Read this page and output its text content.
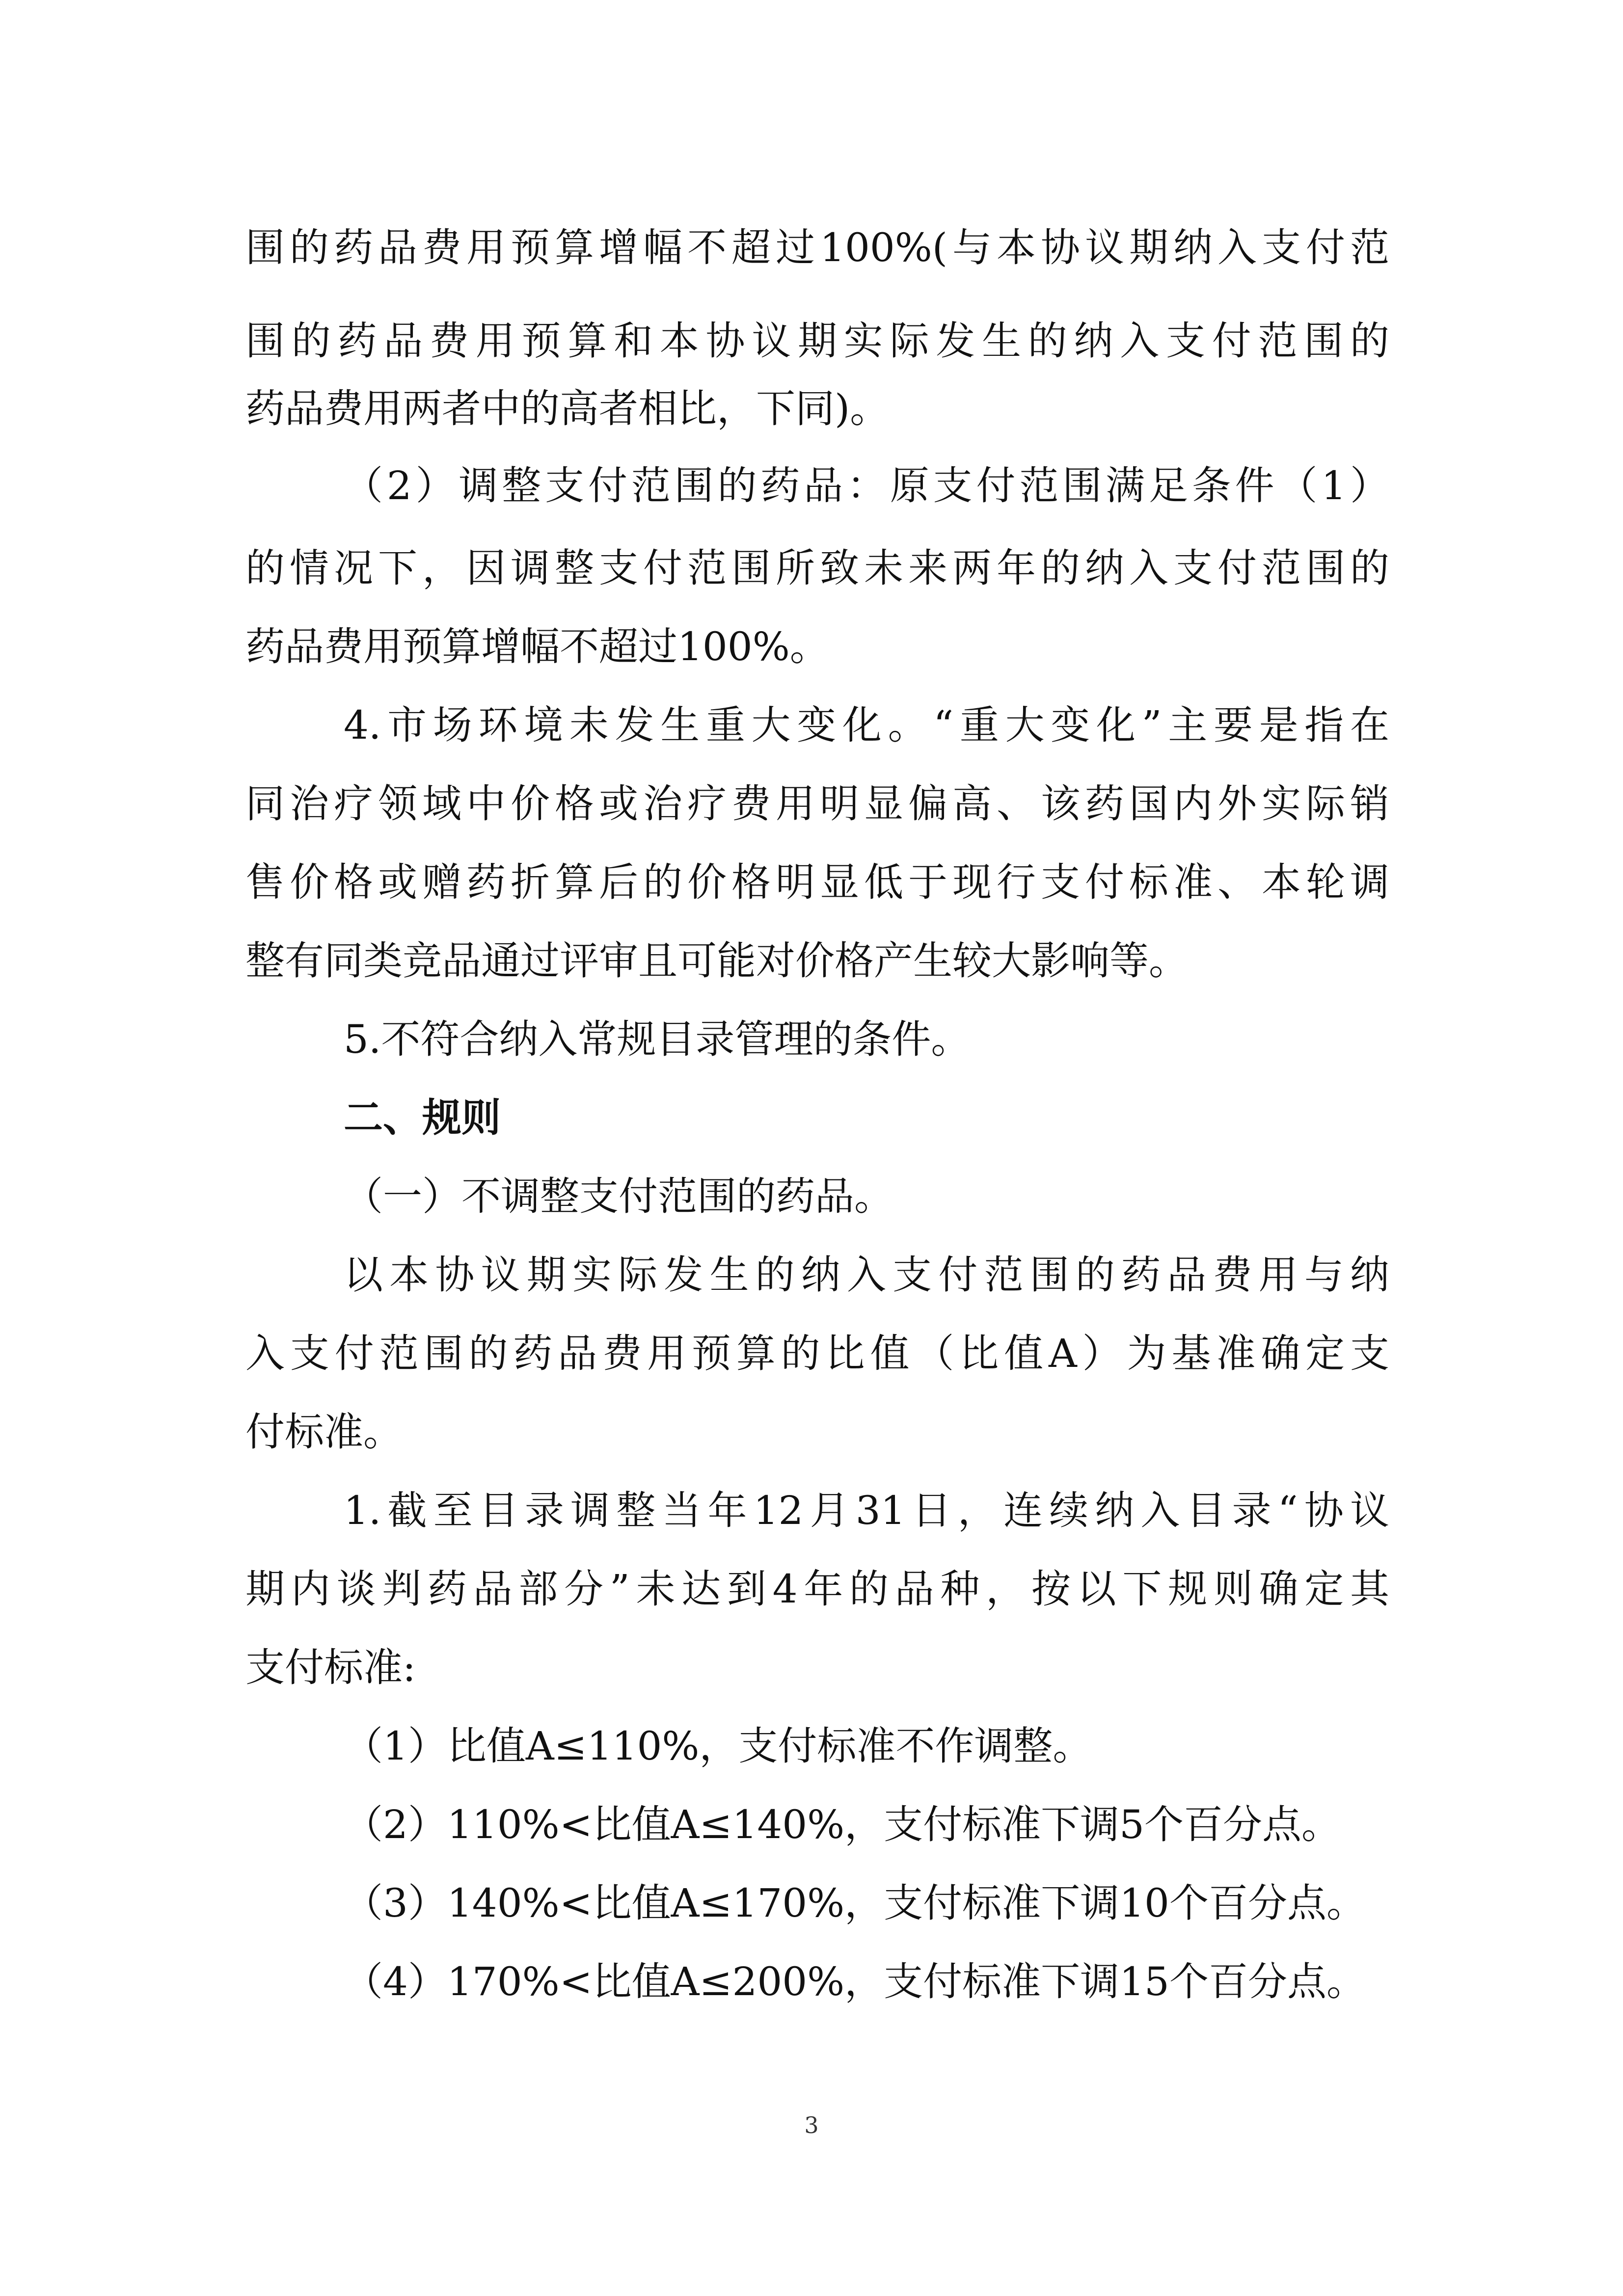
围的药品费用预算增幅不超过100%(与本协议期纳入支付范
围的药品费用预算和本协议期实际发生的纳入支付范围的
药品费用两者中的高者相比，下同)。
（2）调整支付范围的药品：原支付范围满足条件（1）
的情况下，因调整支付范围所致未来两年的纳入支付范围的
药品费用预算增幅不超过100%。
4.市场环境未发生重大变化。“重大变化”主要是指在
同治疗领域中价格或治疗费用明显偏高、该药国内外实际销
售价格或赠药折算后的价格明显低于现行支付标准、本轮调
整有同类竞品通过评审且可能对价格产生较大影响等。
5.不符合纳入常规目录管理的条件。
二、规则
（一）不调整支付范围的药品。
以本协议期实际发生的纳入支付范围的药品费用与纳
入支付范围的药品费用预算的比值（比值A）为基准确定支
付标准。
1.截至目录调整当年12月31日，连续纳入目录“协议
期内谈判药品部分”未达到4年的品种，按以下规则确定其
支付标准:
（1）比值A≤110%，支付标准不作调整。
（2）110%<比值A≤140%，支付标准下调5个百分点。
（3）140%<比值A≤170%，支付标准下调10个百分点。
（4）170%<比值A≤200%，支付标准下调15个百分点。
3
